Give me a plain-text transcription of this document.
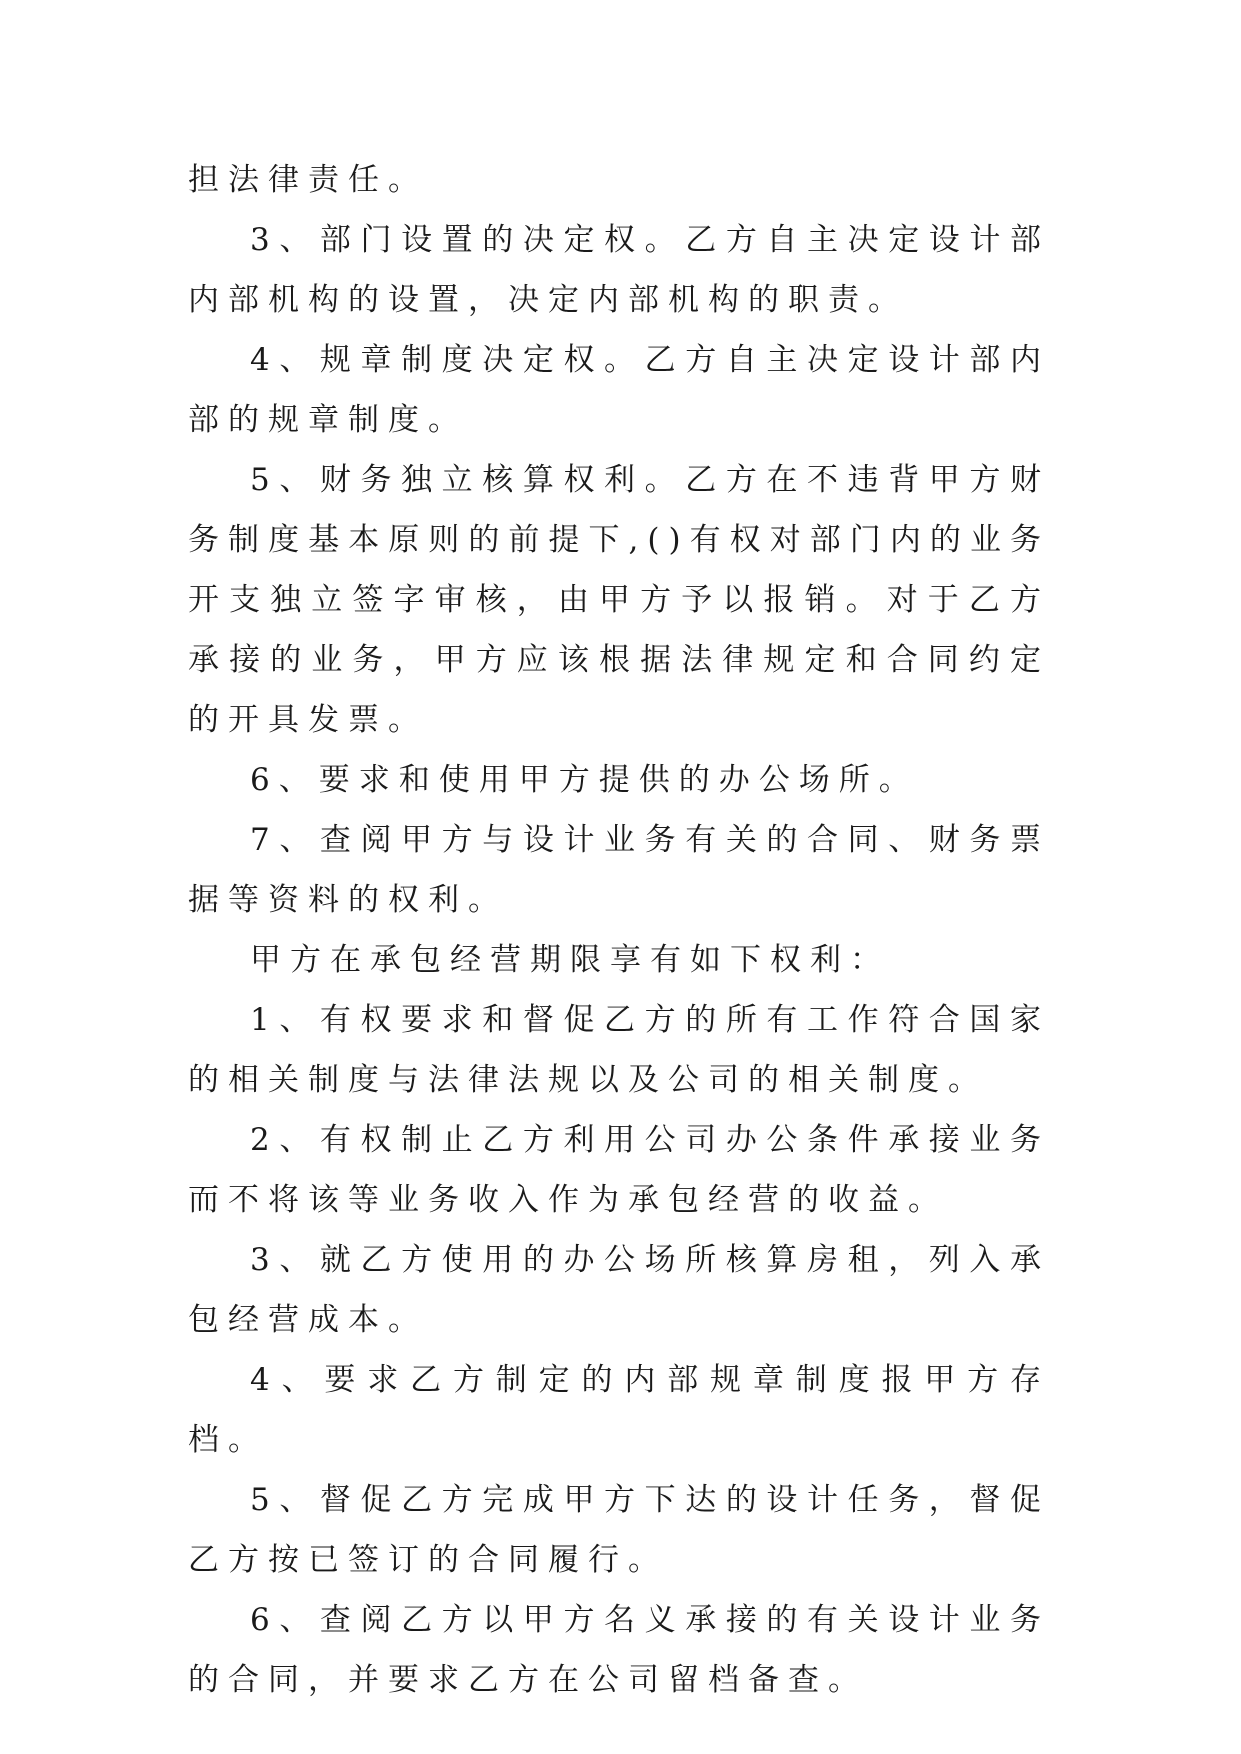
担法律责任。

3、部门设置的决定权。乙方自主决定设计部内部机构的设置，决定内部机构的职责。

4、规章制度决定权。乙方自主决定设计部内部的规章制度。

5、财务独立核算权利。乙方在不违背甲方财务制度基本原则的前提下,()有权对部门内的业务开支独立签字审核，由甲方予以报销。对于乙方承接的业务，甲方应该根据法律规定和合同约定的开具发票。

6、要求和使用甲方提供的办公场所。

7、查阅甲方与设计业务有关的合同、财务票据等资料的权利。

甲方在承包经营期限享有如下权利：

1、有权要求和督促乙方的所有工作符合国家的相关制度与法律法规以及公司的相关制度。

2、有权制止乙方利用公司办公条件承接业务而不将该等业务收入作为承包经营的收益。

3、就乙方使用的办公场所核算房租，列入承包经营成本。

4、要求乙方制定的内部规章制度报甲方存档。

5、督促乙方完成甲方下达的设计任务，督促乙方按已签订的合同履行。

6、查阅乙方以甲方名义承接的有关设计业务的合同，并要求乙方在公司留档备查。
